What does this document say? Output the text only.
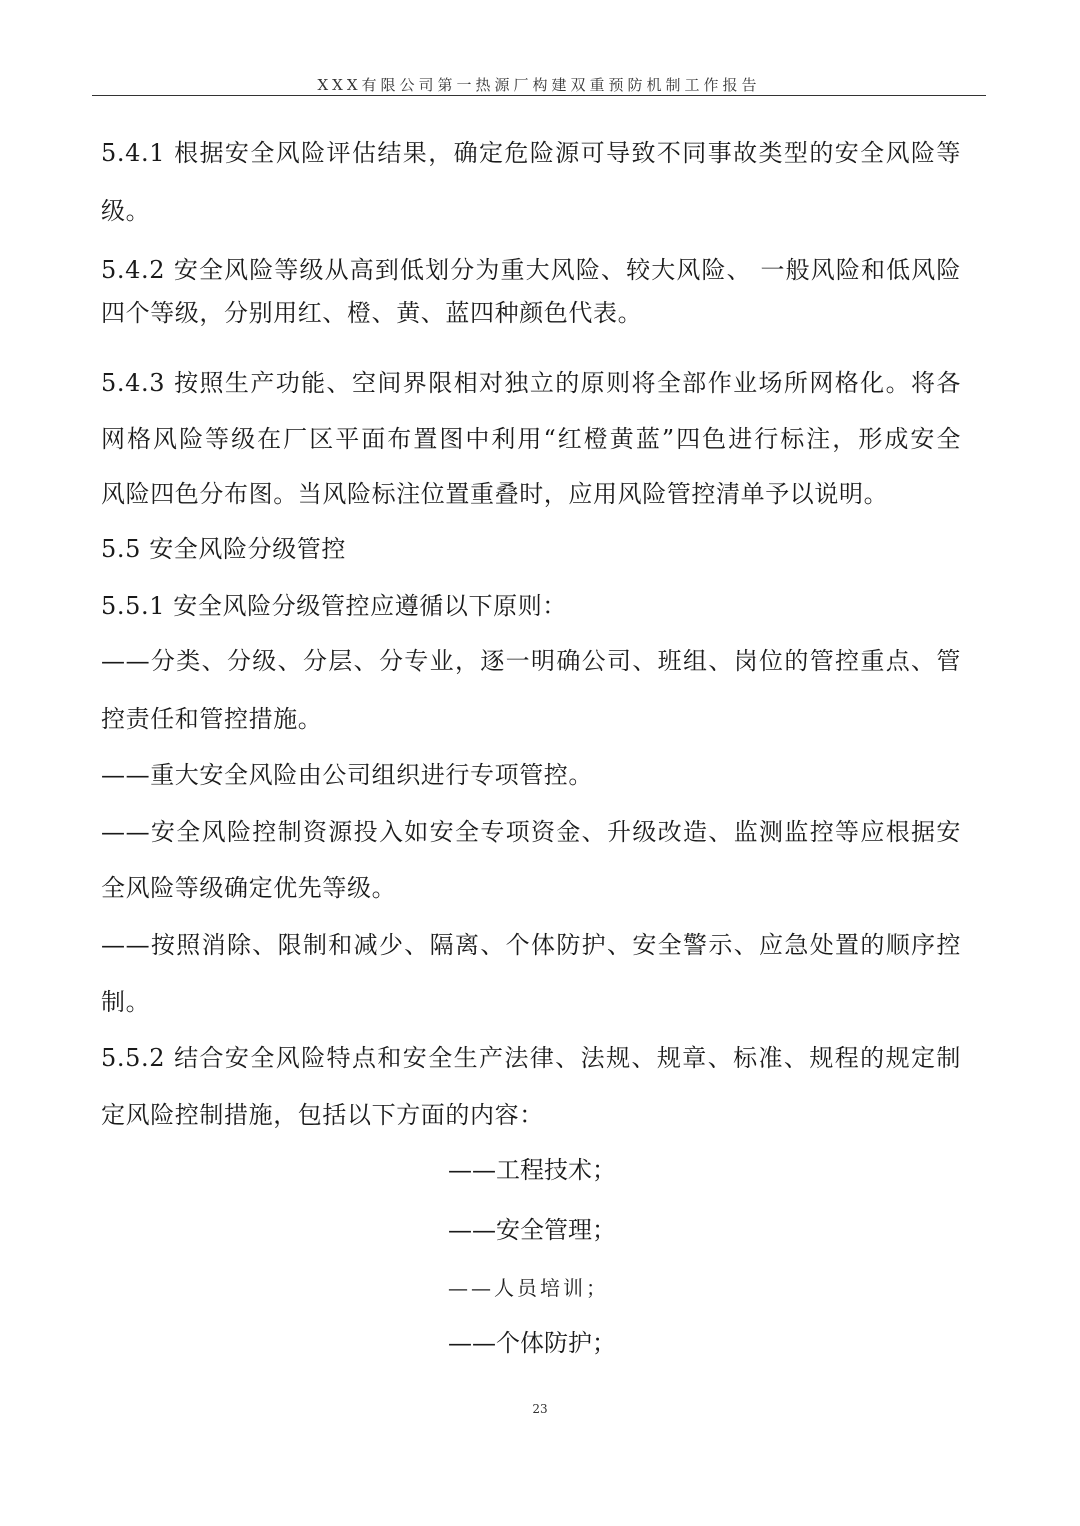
XXX有限公司第一热源厂构建双重预防机制工作报告
5.4.1 根据安全风险评估结果，确定危险源可导致不同事故类型的安全风险等
级。
5.4.2 安全风险等级从高到低划分为重大风险、较大风险、 一般风险和低风险
四个等级，分别用红、橙、黄、蓝四种颜色代表。
5.4.3 按照生产功能、空间界限相对独立的原则将全部作业场所网格化。将各
网格风险等级在厂区平面布置图中利用“红橙黄蓝”四色进行标注，形成安全
风险四色分布图。当风险标注位置重叠时，应用风险管控清单予以说明。
5.5 安全风险分级管控
5.5.1 安全风险分级管控应遵循以下原则：
——分类、分级、分层、分专业，逐一明确公司、班组、岗位的管控重点、管
控责任和管控措施。
——重大安全风险由公司组织进行专项管控。
——安全风险控制资源投入如安全专项资金、升级改造、监测监控等应根据安
全风险等级确定优先等级。
——按照消除、限制和减少、隔离、个体防护、安全警示、应急处置的顺序控
制。
5.5.2 结合安全风险特点和安全生产法律、法规、规章、标准、规程的规定制
定风险控制措施，包括以下方面的内容：
——工程技术；
——安全管理；
——人员培训；
——个体防护；
23
